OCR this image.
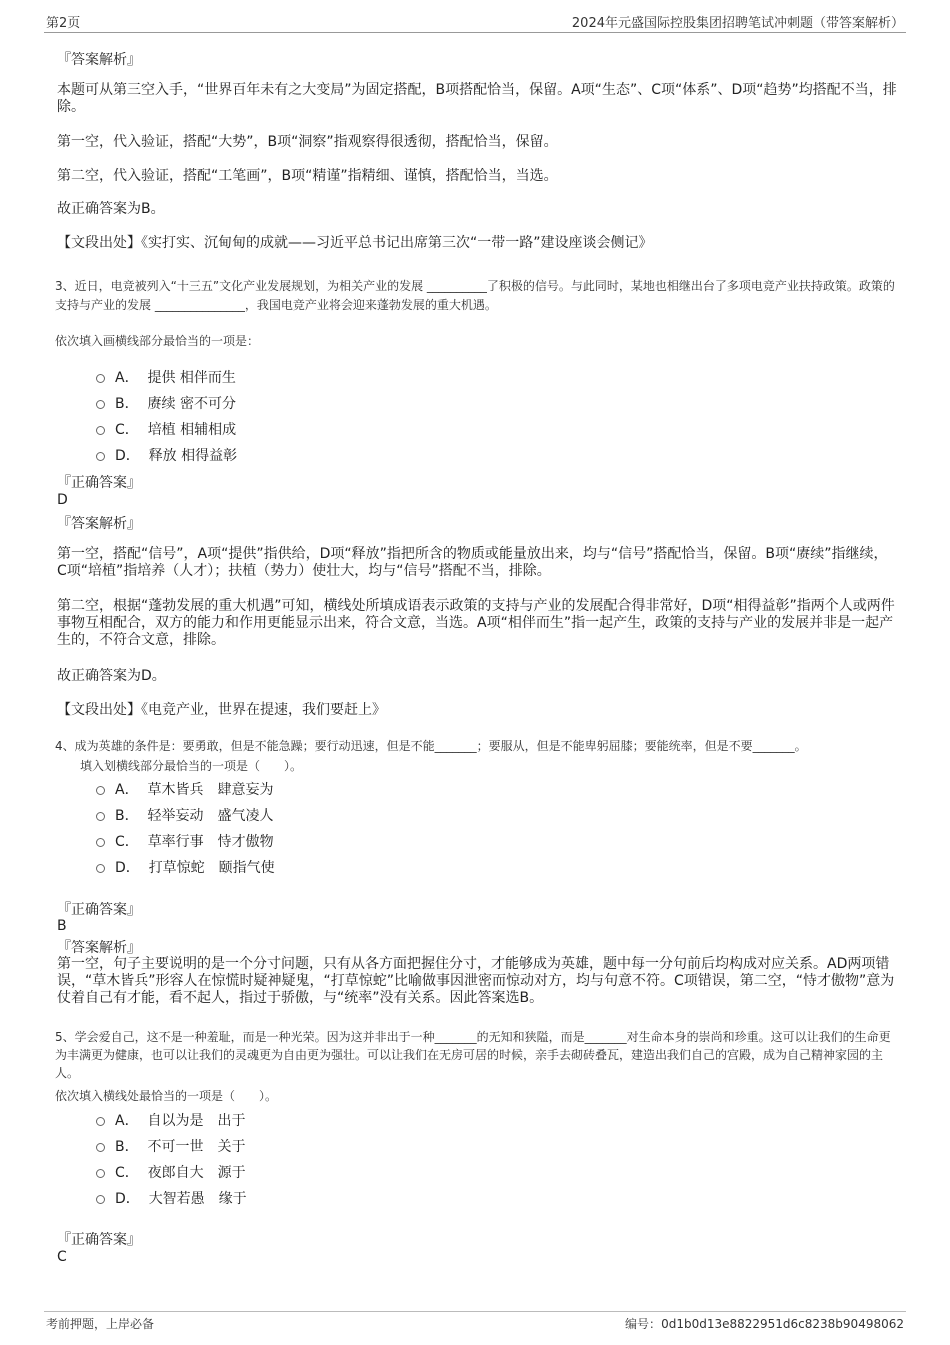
第2页	2024年元盛国际控股集团招聘笔试冲刺题（带答案解析）
『答案解析』
本题可从第三空入手，“世界百年未有之大变局”为固定搭配，B项搭配恰当，保留。A项“生态”、C项“体系”、D项“趋势”均搭配不当，排除。
第一空，代入验证，搭配“大势”，B项“洞察”指观察得很透彻，搭配恰当，保留。
第二空，代入验证，搭配“工笔画”，B项“精谨”指精细、谨慎，搭配恰当，当选。
故正确答案为B。
【文段出处】《实打实、沉甸甸的成就——习近平总书记出席第三次“一带一路”建设座谈会侧记》
3、近日，电竞被列入“十三五”文化产业发展规划，为相关产业的发展 __________了积极的信号。与此同时，某地也相继出台了多项电竞产业扶持政策。政策的支持与产业的发展 _______________，我国电竞产业将会迎来蓬勃发展的重大机遇。
依次填入画横线部分最恰当的一项是：
A． 提供 相伴而生
B． 赓续 密不可分
C． 培植 相辅相成
D． 释放 相得益彰
『正确答案』
D
『答案解析』
第一空，搭配“信号”，A项“提供”指供给，D项“释放”指把所含的物质或能量放出来，均与“信号”搭配恰当，保留。B项“赓续”指继续，C项“培植”指培养（人才）；扶植（势力）使壮大，均与“信号”搭配不当，排除。
第二空，根据“蓬勃发展的重大机遇”可知，横线处所填成语表示政策的支持与产业的发展配合得非常好，D项“相得益彰”指两个人或两件事物互相配合，双方的能力和作用更能显示出来，符合文意，当选。A项“相伴而生”指一起产生，政策的支持与产业的发展并非是一起产生的，不符合文意，排除。
故正确答案为D。
【文段出处】《电竞产业，世界在提速，我们要赶上》
4、成为英雄的条件是：要勇敢，但是不能急躁；要行动迅速，但是不能_______；要服从，但是不能卑躬屈膝；要能统率，但是不要_______。
填入划横线部分最恰当的一项是（　　）。
A． 草木皆兵　肆意妄为
B． 轻举妄动　盛气凌人
C． 草率行事　恃才傲物
D． 打草惊蛇　颐指气使
『正确答案』
B
『答案解析』
第一空，句子主要说明的是一个分寸问题，只有从各方面把握住分寸，才能够成为英雄，题中每一分句前后均构成对应关系。AD两项错误，“草木皆兵”形容人在惊慌时疑神疑鬼，“打草惊蛇”比喻做事因泄密而惊动对方，均与句意不符。C项错误，第二空，“恃才傲物”意为仗着自己有才能，看不起人，指过于骄傲，与“统率”没有关系。因此答案选B。
5、学会爱自己，这不是一种羞耻，而是一种光荣。因为这并非出于一种_______的无知和狭隘，而是_______对生命本身的崇尚和珍重。这可以让我们的生命更为丰满更为健康，也可以让我们的灵魂更为自由更为强壮。可以让我们在无房可居的时候，亲手去砌砖叠瓦，建造出我们自己的宫殿，成为自己精神家园的主人。
依次填入横线处最恰当的一项是（　　）。
A． 自以为是　出于
B． 不可一世　关于
C． 夜郎自大　源于
D． 大智若愚　缘于
『正确答案』
C
考前押题，上岸必备	编号：0d1b0d13e8822951d6c8238b90498062
